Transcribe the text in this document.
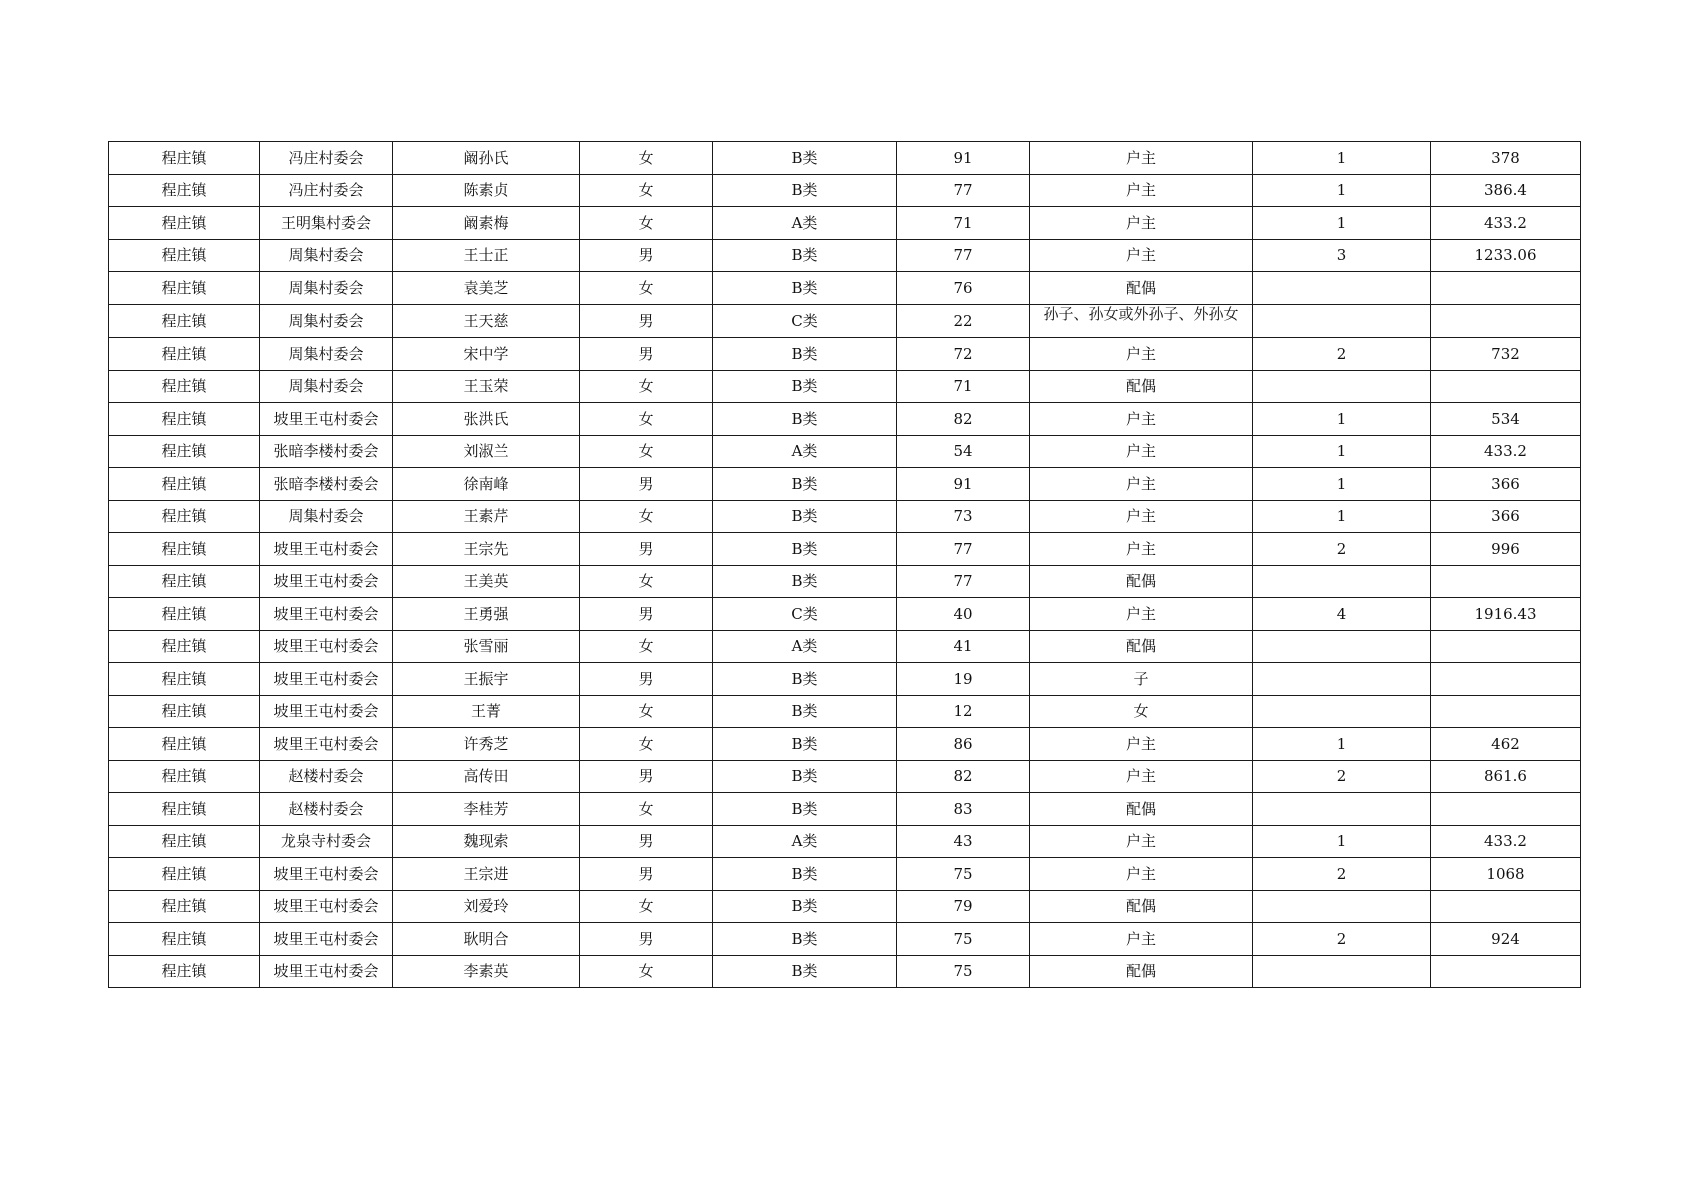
程庄镇	冯庄村委会	阚孙氏	女	B类	91	户主	1	378
程庄镇	冯庄村委会	陈素贞	女	B类	77	户主	1	386.4
程庄镇	王明集村委会	阚素梅	女	A类	71	户主	1	433.2
程庄镇	周集村委会	王士正	男	B类	77	户主	3	1233.06
程庄镇	周集村委会	袁美芝	女	B类	76	配偶		
程庄镇	周集村委会	王天慈	男	C类	22	孙子、孙女或外孙子、外孙女		
程庄镇	周集村委会	宋中学	男	B类	72	户主	2	732
程庄镇	周集村委会	王玉荣	女	B类	71	配偶		
程庄镇	坡里王屯村委会	张洪氏	女	B类	82	户主	1	534
程庄镇	张暗李楼村委会	刘淑兰	女	A类	54	户主	1	433.2
程庄镇	张暗李楼村委会	徐南峰	男	B类	91	户主	1	366
程庄镇	周集村委会	王素芹	女	B类	73	户主	1	366
程庄镇	坡里王屯村委会	王宗先	男	B类	77	户主	2	996
程庄镇	坡里王屯村委会	王美英	女	B类	77	配偶		
程庄镇	坡里王屯村委会	王勇强	男	C类	40	户主	4	1916.43
程庄镇	坡里王屯村委会	张雪丽	女	A类	41	配偶		
程庄镇	坡里王屯村委会	王振宇	男	B类	19	子		
程庄镇	坡里王屯村委会	王菁	女	B类	12	女		
程庄镇	坡里王屯村委会	许秀芝	女	B类	86	户主	1	462
程庄镇	赵楼村委会	高传田	男	B类	82	户主	2	861.6
程庄镇	赵楼村委会	李桂芳	女	B类	83	配偶		
程庄镇	龙泉寺村委会	魏现索	男	A类	43	户主	1	433.2
程庄镇	坡里王屯村委会	王宗进	男	B类	75	户主	2	1068
程庄镇	坡里王屯村委会	刘爱玲	女	B类	79	配偶		
程庄镇	坡里王屯村委会	耿明合	男	B类	75	户主	2	924
程庄镇	坡里王屯村委会	李素英	女	B类	75	配偶		
